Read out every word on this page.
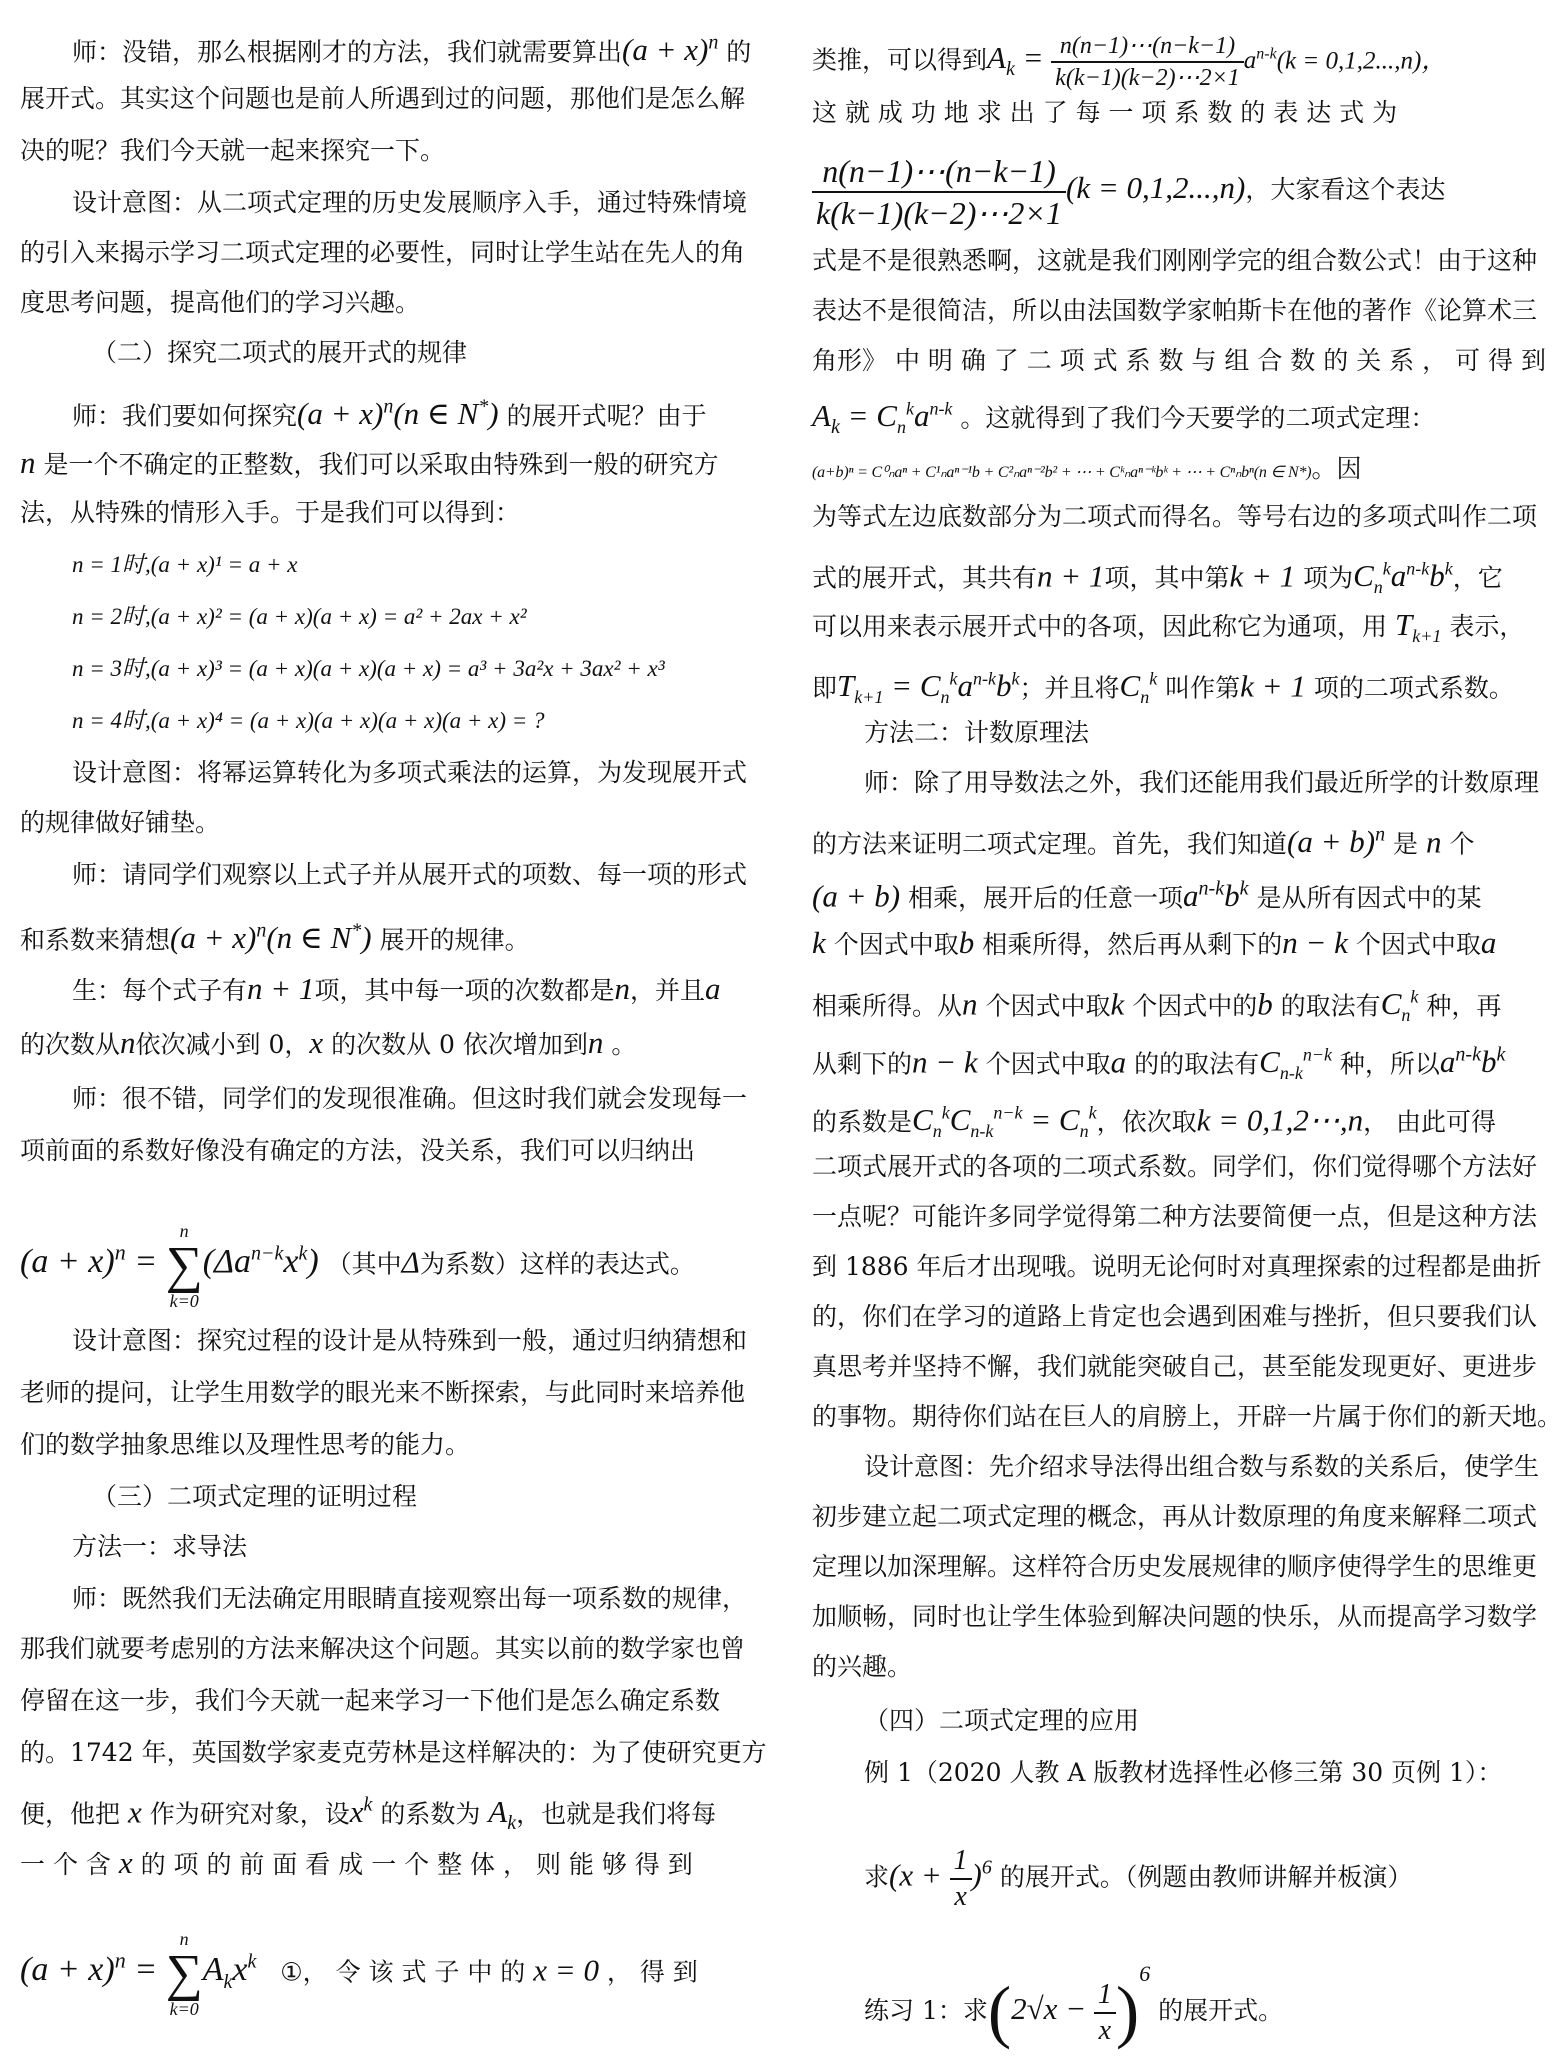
师：没错，那么根据刚才的方法，我们就需要算出$(a + x)^n$ 的
展开式。其实这个问题也是前人所遇到过的问题，那他们是怎么解
决的呢？我们今天就一起来探究一下。
设计意图：从二项式定理的历史发展顺序入手，通过特殊情境
的引入来揭示学习二项式定理的必要性，同时让学生站在先人的角
度思考问题，提高他们的学习兴趣。
（二）探究二项式的展开式的规律
师：我们要如何探究$(a + x)^n(n$ ∈ N*) 的展开式呢？由于
n 是一个不确定的正整数，我们可以采取由特殊到一般的研究方
法，从特殊的情形入手。于是我们可以得到：
n = 1时,(a + x)¹ = a + x
n = 2时,(a + x)² = (a + x)(a + x) = a² + 2ax + x²
n = 3时,(a + x)³ = (a + x)(a + x)(a + x) = a³ + 3a²x + 3ax² + x³
n = 4时,(a + x)⁴ = (a + x)(a + x)(a + x)(a + x) = ?
设计意图：将幂运算转化为多项式乘法的运算，为发现展开式
的规律做好铺垫。
师：请同学们观察以上式子并从展开式的项数、每一项的形式
和系数来猜想$(a + x)^n(n$ ∈ N*) 展开的规律。
生：每个式子有n + 1项，其中每一项的次数都是n，并且a
的次数从n依次减小到 0，x 的次数从 0 依次增加到n 。
师：很不错，同学们的发现很准确。但这时我们就会发现每一
项前面的系数好像没有确定的方法，没关系，我们可以归纳出
$(a + x)^n$ =
n
∑
k=0
$(\Delta a^{n-k}x^k)$ （其中Δ为系数）这样的表达式。
设计意图：探究过程的设计是从特殊到一般，通过归纳猜想和
老师的提问，让学生用数学的眼光来不断探索，与此同时来培养他
们的数学抽象思维以及理性思考的能力。
（三）二项式定理的证明过程
方法一：求导法
师：既然我们无法确定用眼睛直接观察出每一项系数的规律，
那我们就要考虑别的方法来解决这个问题。其实以前的数学家也曾
停留在这一步，我们今天就一起来学习一下他们是怎么确定系数
的。1742 年，英国数学家麦克劳林是这样解决的：为了使研究更方
便，他把 x 作为研究对象，设$x^k$ 的系数为 $A_k$，也就是我们将每
一 个 含 x 的 项 的 前 面 看 成 一 个 整 体 ， 则 能 够 得 到
$(a + x)^n$ =
n
∑
k=0
$A_kx^k$ ①， 令 该 式 子 中 的 x = 0 ， 得 到
类推，可以得到$A_k = \frac{n(n-1)\cdots(n-k-1)}{k(k-1)(k-2)\cdots 2\times 1} a^{n-k}(k = 0,1,2...,n)$，
这 就 成 功 地 求 出 了 每 一 项 系 数 的 表 达 式 为
$\frac{n(n-1)\cdots(n-k-1)}{k(k-1)(k-2)\cdots 2\times 1} (k = 0,1,2...,n)$，大家看这个表达
式是不是很熟悉啊，这就是我们刚刚学完的组合数公式！由于这种
表达不是很简洁，所以由法国数学家帕斯卡在他的著作《论算术三
角形》 中 明 确 了 二 项 式 系 数 与 组 合 数 的 关 系 ， 可 得 到
$A_k = C_n^ka^{n-k}$ 。这就得到了我们今天要学的二项式定理：
(a+b)ⁿ = C⁰ₙaⁿ + C¹ₙaⁿ⁻¹b + C²ₙaⁿ⁻²b² + ⋯ + Cᵏₙaⁿ⁻ᵏbᵏ + ⋯ + Cⁿₙbⁿ(n ∈ N*)。因
为等式左边底数部分为二项式而得名。等号右边的多项式叫作二项
式的展开式，其共有n + 1项，其中第k + 1 项为$C_n^ka^{n-k}b^k$，它
可以用来表示展开式中的各项，因此称它为通项，用 $T_{k+1}$ 表示，
即$T_{k+1} = C_n^ka^{n-k}b^k$；并且将$C_n^k$ 叫作第k + 1 项的二项式系数。
方法二：计数原理法
师：除了用导数法之外，我们还能用我们最近所学的计数原理
的方法来证明二项式定理。首先，我们知道$(a + b)^n$ 是 n 个
(a + b) 相乘，展开后的任意一项$a^{n-k}b^k$ 是从所有因式中的某
k 个因式中取b 相乘所得，然后再从剩下的n − k 个因式中取a
相乘所得。从n 个因式中取k 个因式中的b 的取法有$C_n^k$ 种，再
从剩下的n − k 个因式中取a 的的取法有$C_{n-k}^{n-k}$ 种，所以$a^{n-k}b^k$
的系数是$C_n^kC_{n-k}^{n-k} = C_n^k$，依次取k = 0,1,2⋯,n， 由此可得
二项式展开式的各项的二项式系数。同学们，你们觉得哪个方法好
一点呢？可能许多同学觉得第二种方法要简便一点，但是这种方法
到 1886 年后才出现哦。说明无论何时对真理探索的过程都是曲折
的，你们在学习的道路上肯定也会遇到困难与挫折，但只要我们认
真思考并坚持不懈，我们就能突破自己，甚至能发现更好、更进步
的事物。期待你们站在巨人的肩膀上，开辟一片属于你们的新天地。
设计意图：先介绍求导法得出组合数与系数的关系后，使学生
初步建立起二项式定理的概念，再从计数原理的角度来解释二项式
定理以加深理解。这样符合历史发展规律的顺序使得学生的思维更
加顺畅，同时也让学生体验到解决问题的快乐，从而提高学习数学
的兴趣。
（四）二项式定理的应用
例 1（2020 人教 A 版教材选择性必修三第 30 页例 1）：
求$(x + \frac{1}{x} )^6$ 的展开式。（例题由教师讲解并板演）
练习 1：求$(2√x - \frac{1}{x} )^6$ 的展开式。
